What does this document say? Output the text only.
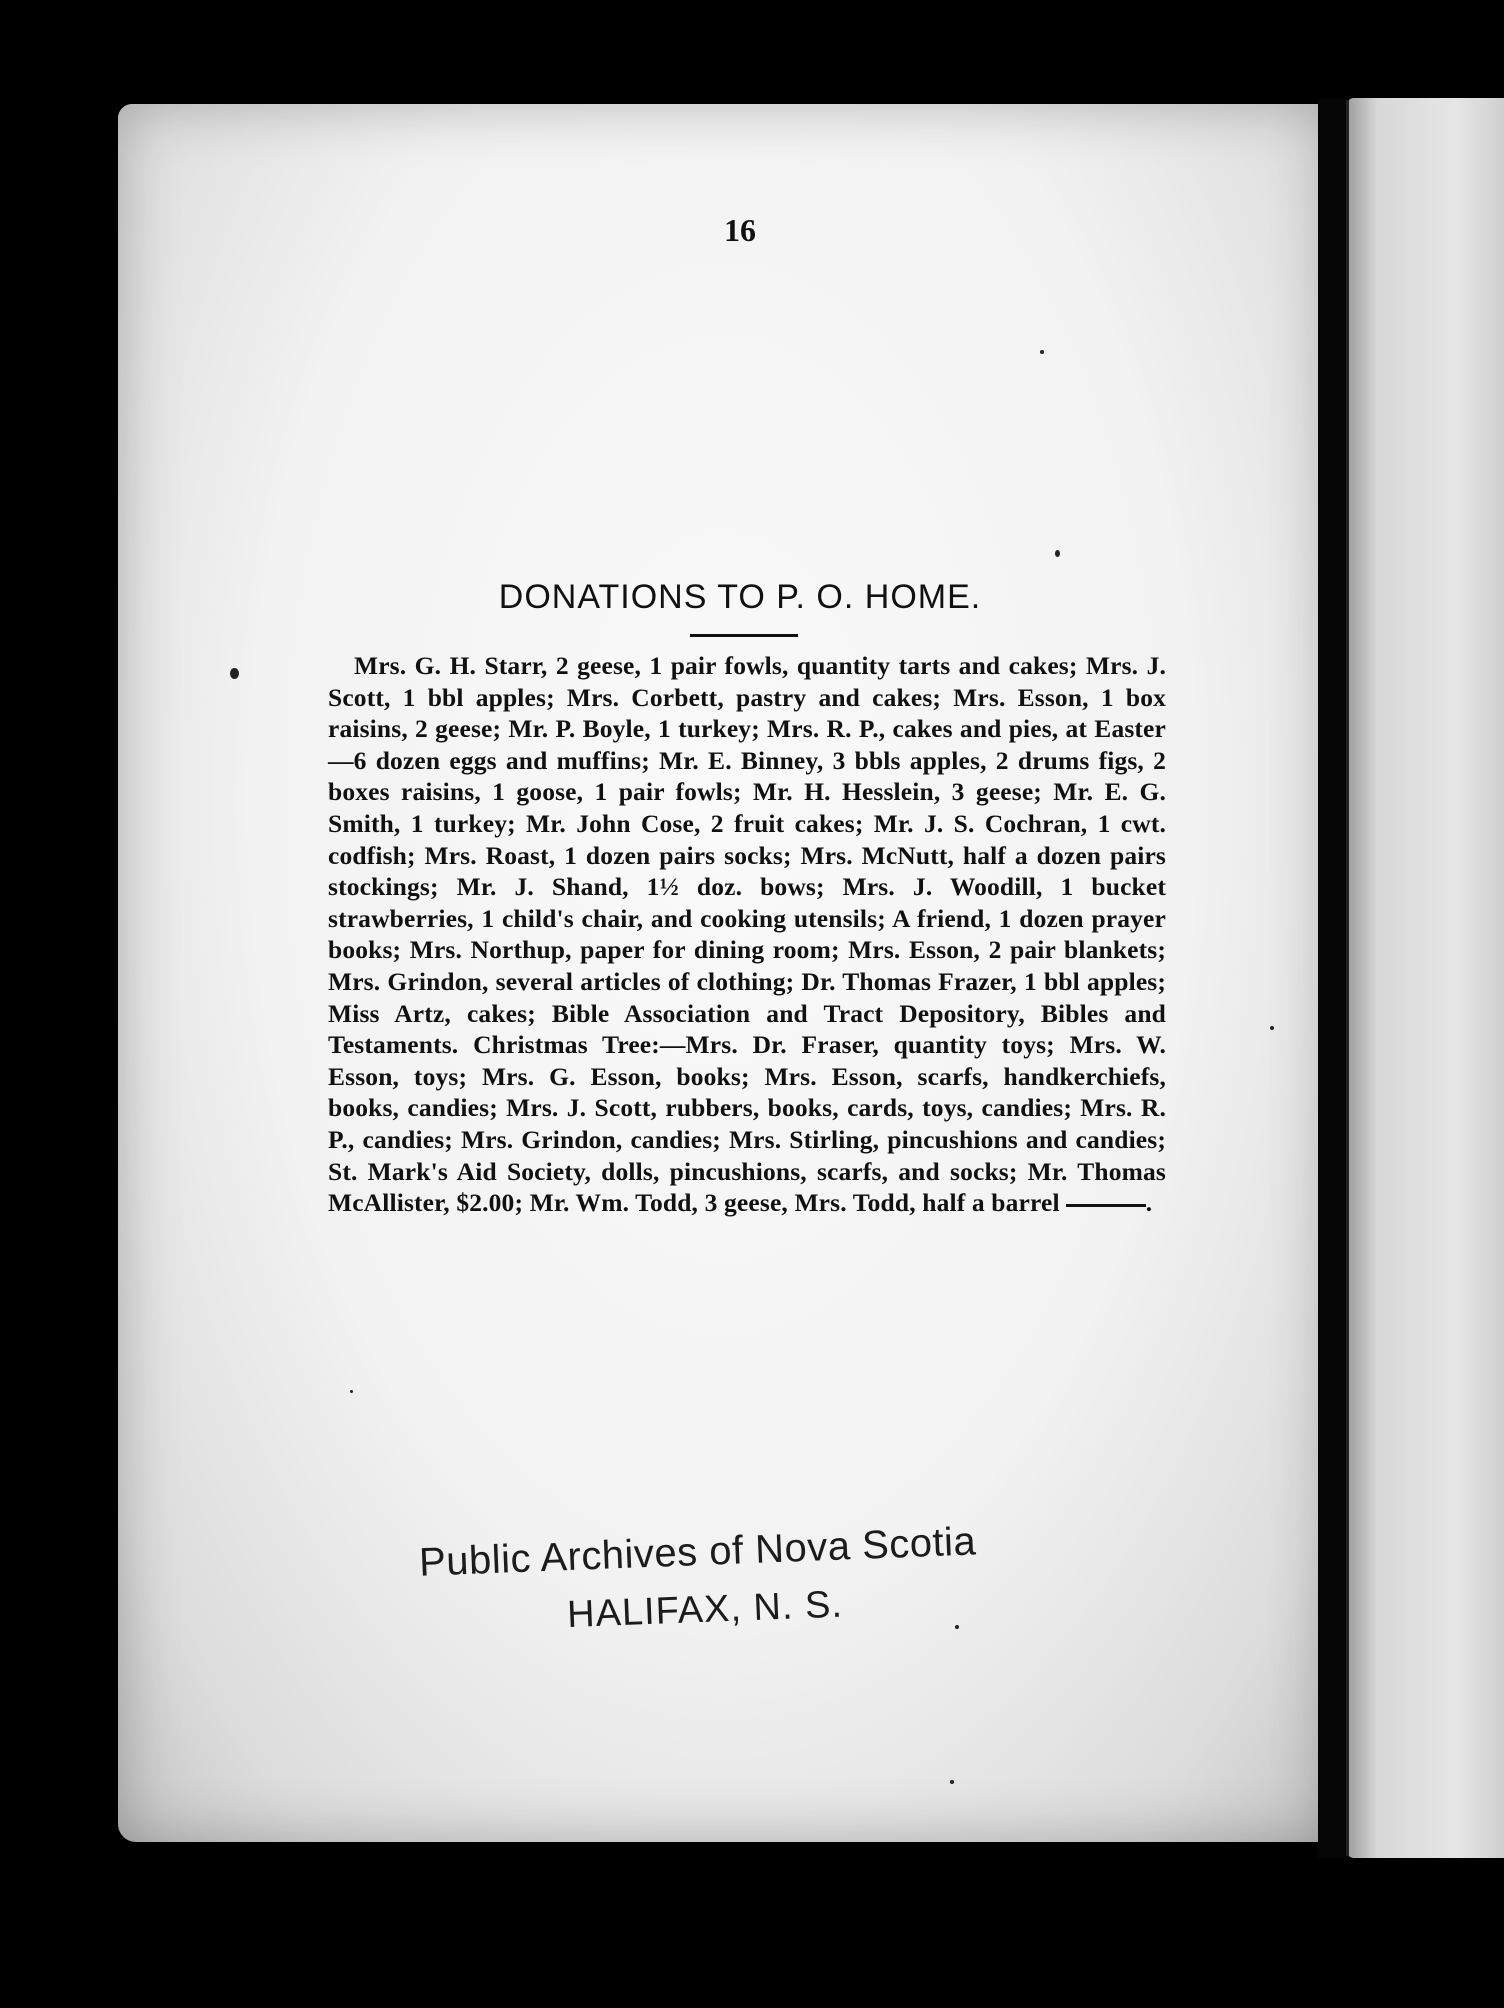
16
DONATIONS TO P. O. HOME.

Mrs. G. H. Starr, 2 geese, 1 pair fowls, quantity tarts and cakes; Mrs. J. Scott, 1 bbl apples; Mrs. Corbett, pastry and cakes; Mrs. Esson, 1 box raisins, 2 geese; Mr. P. Boyle, 1 turkey; Mrs. R. P., cakes and pies, at Easter—6 dozen eggs and muffins; Mr. E. Binney, 3 bbls apples, 2 drums figs, 2 boxes raisins, 1 goose, 1 pair fowls; Mr. H. Hesslein, 3 geese; Mr. E. G. Smith, 1 turkey; Mr. John Cose, 2 fruit cakes; Mr. J. S. Cochran, 1 cwt. codfish; Mrs. Roast, 1 dozen pairs socks; Mrs. McNutt, half a dozen pairs stockings; Mr. J. Shand, 1½ doz. bows; Mrs. J. Woodill, 1 bucket strawberries, 1 child's chair, and cooking utensils; A friend, 1 dozen prayer books; Mrs. Northup, paper for dining room; Mrs. Esson, 2 pair blankets; Mrs. Grindon, several articles of clothing; Dr. Thomas Frazer, 1 bbl apples; Miss Artz, cakes; Bible Association and Tract Depository, Bibles and Testaments. Christmas Tree:—Mrs. Dr. Fraser, quantity toys; Mrs. W. Esson, toys; Mrs. G. Esson, books; Mrs. Esson, scarfs, handkerchiefs, books, candies; Mrs. J. Scott, rubbers, books, cards, toys, candies; Mrs. R. P., candies; Mrs. Grindon, candies; Mrs. Stirling, pincushions and candies; St. Mark's Aid Society, dolls, pincushions, scarfs, and socks; Mr. Thomas McAllister, $2.00; Mr. Wm. Todd, 3 geese, Mrs. Todd, half a barrel	.

Public Archives of Nova Scotia
HALIFAX, N. S.
